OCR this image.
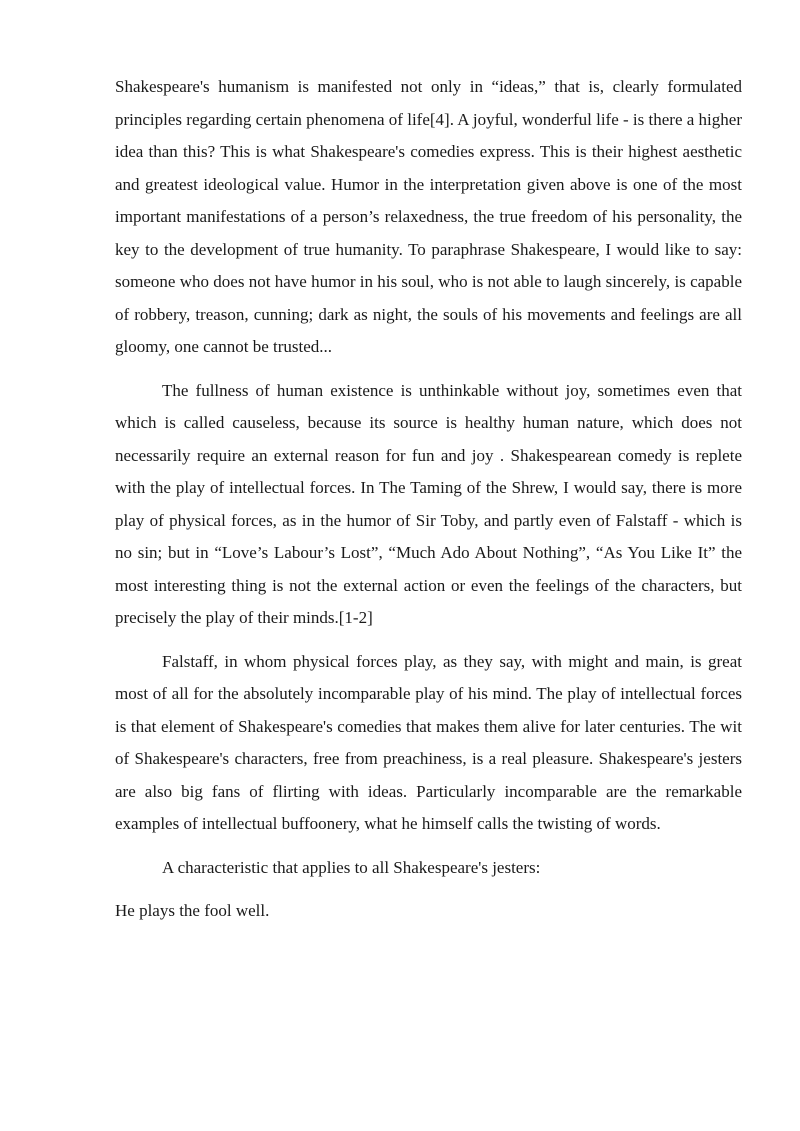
Shakespeare's humanism is manifested not only in “ideas,” that is, clearly formulated principles regarding certain phenomena of life[4]. A joyful, wonderful life - is there a higher idea than this? This is what Shakespeare's comedies express. This is their highest aesthetic and greatest ideological value. Humor in the interpretation given above is one of the most important manifestations of a person’s relaxedness, the true freedom of his personality, the key to the development of true humanity. To paraphrase Shakespeare, I would like to say: someone who does not have humor in his soul, who is not able to laugh sincerely, is capable of robbery, treason, cunning; dark as night, the souls of his movements and feelings are all gloomy, one cannot be trusted...

The fullness of human existence is unthinkable without joy, sometimes even that which is called causeless, because its source is healthy human nature, which does not necessarily require an external reason for fun and joy . Shakespearean comedy is replete with the play of intellectual forces. In The Taming of the Shrew, I would say, there is more play of physical forces, as in the humor of Sir Toby, and partly even of Falstaff - which is no sin; but in “Love’s Labour’s Lost”, “Much Ado About Nothing”, “As You Like It” the most interesting thing is not the external action or even the feelings of the characters, but precisely the play of their minds.[1-2]

Falstaff, in whom physical forces play, as they say, with might and main, is great most of all for the absolutely incomparable play of his mind. The play of intellectual forces is that element of Shakespeare's comedies that makes them alive for later centuries. The wit of Shakespeare's characters, free from preachiness, is a real pleasure. Shakespeare's jesters are also big fans of flirting with ideas. Particularly incomparable are the remarkable examples of intellectual buffoonery, what he himself calls the twisting of words.

A characteristic that applies to all Shakespeare's jesters:

He plays the fool well.
